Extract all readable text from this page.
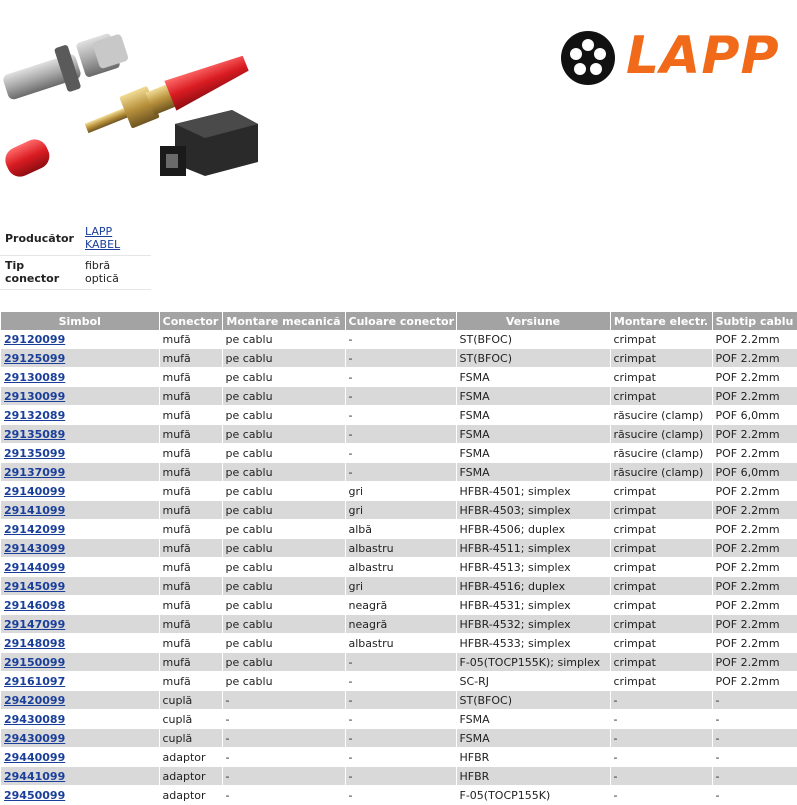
LAPP
Producător	LAPP KABEL
Tip conector	fibră optică
Simbol	Conector	Montare mecanică	Culoare conector	Versiune	Montare electr.	Subtip cablu
29120099	mufă	pe cablu	-	ST(BFOC)	crimpat	POF 2.2mm
29125099	mufă	pe cablu	-	ST(BFOC)	crimpat	POF 2.2mm
29130089	mufă	pe cablu	-	FSMA	crimpat	POF 2.2mm
29130099	mufă	pe cablu	-	FSMA	crimpat	POF 2.2mm
29132089	mufă	pe cablu	-	FSMA	răsucire (clamp)	POF 6,0mm
29135089	mufă	pe cablu	-	FSMA	răsucire (clamp)	POF 2.2mm
29135099	mufă	pe cablu	-	FSMA	răsucire (clamp)	POF 2.2mm
29137099	mufă	pe cablu	-	FSMA	răsucire (clamp)	POF 6,0mm
29140099	mufă	pe cablu	gri	HFBR-4501; simplex	crimpat	POF 2.2mm
29141099	mufă	pe cablu	gri	HFBR-4503; simplex	crimpat	POF 2.2mm
29142099	mufă	pe cablu	albă	HFBR-4506; duplex	crimpat	POF 2.2mm
29143099	mufă	pe cablu	albastru	HFBR-4511; simplex	crimpat	POF 2.2mm
29144099	mufă	pe cablu	albastru	HFBR-4513; simplex	crimpat	POF 2.2mm
29145099	mufă	pe cablu	gri	HFBR-4516; duplex	crimpat	POF 2.2mm
29146098	mufă	pe cablu	neagră	HFBR-4531; simplex	crimpat	POF 2.2mm
29147099	mufă	pe cablu	neagră	HFBR-4532; simplex	crimpat	POF 2.2mm
29148098	mufă	pe cablu	albastru	HFBR-4533; simplex	crimpat	POF 2.2mm
29150099	mufă	pe cablu	-	F-05(TOCP155K); simplex	crimpat	POF 2.2mm
29161097	mufă	pe cablu	-	SC-RJ	crimpat	POF 2.2mm
29420099	cuplă	-	-	ST(BFOC)	-	-
29430089	cuplă	-	-	FSMA	-	-
29430099	cuplă	-	-	FSMA	-	-
29440099	adaptor	-	-	HFBR	-	-
29441099	adaptor	-	-	HFBR	-	-
29450099	adaptor	-	-	F-05(TOCP155K)	-	-
